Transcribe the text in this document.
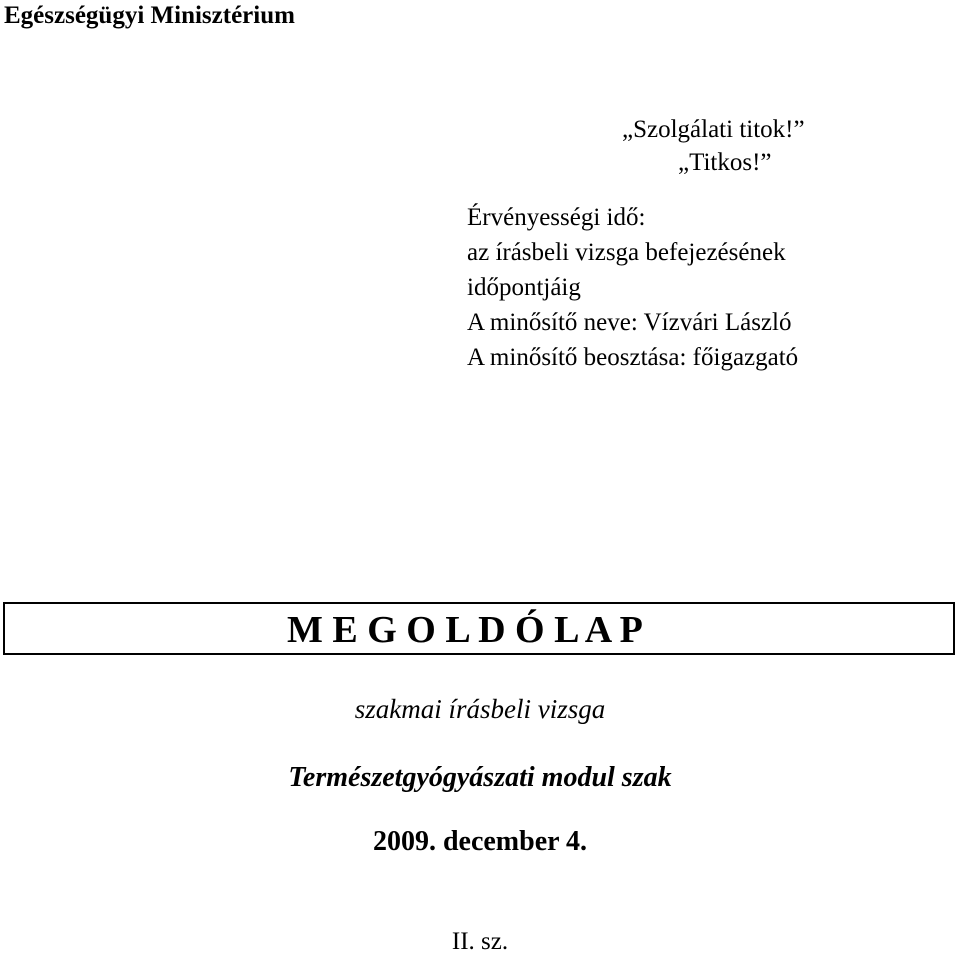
Egészségügyi Minisztérium
„Szolgálati titok!”
„Titkos!”
Érvényességi idő:
az írásbeli vizsga befejezésének
időpontjáig
A minősítő neve: Vízvári László
A minősítő beosztása: főigazgató
M E G O L D Ó L A P
szakmai írásbeli vizsga
Természetgyógyászati modul szak
2009. december 4.
II. sz.
